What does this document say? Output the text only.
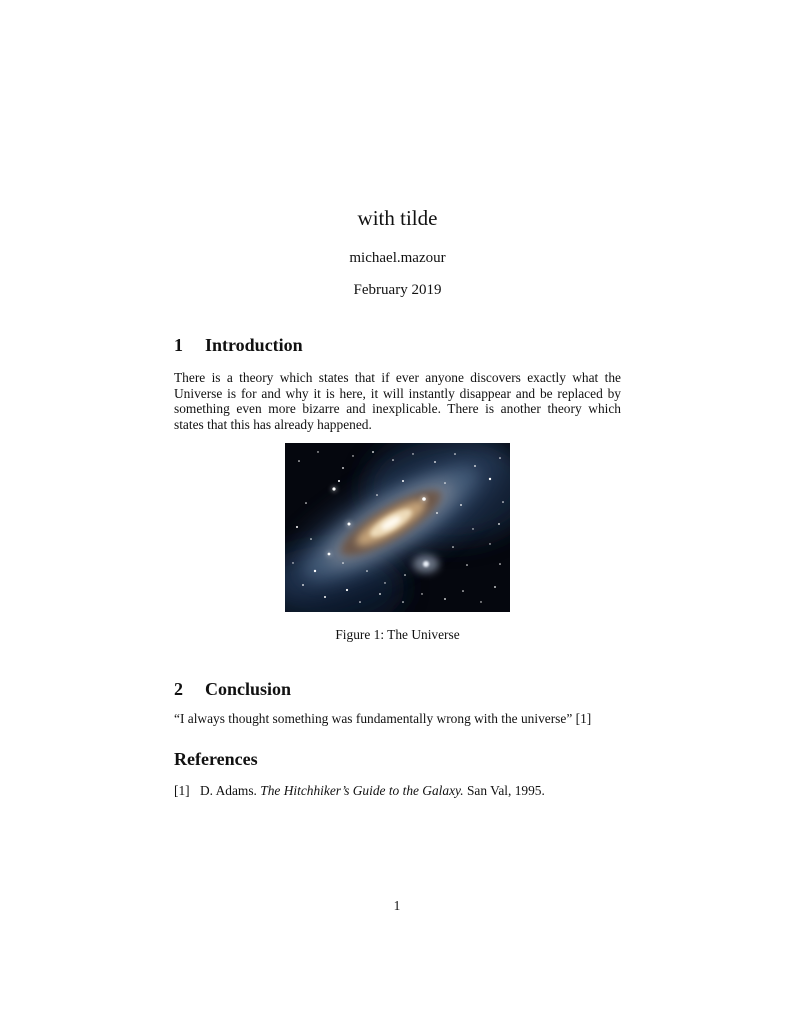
with tilde
michael.mazour
February 2019
1 Introduction

There is a theory which states that if ever anyone discovers exactly what the Universe is for and why it is here, it will instantly disappear and be replaced by something even more bizarre and inexplicable. There is another theory which states that this has already happened.

Figure 1: The Universe
2 Conclusion

“I always thought something was fundamentally wrong with the universe” [1]

References
[1] D. Adams. The Hitchhiker’s Guide to the Galaxy. San Val, 1995.
1
